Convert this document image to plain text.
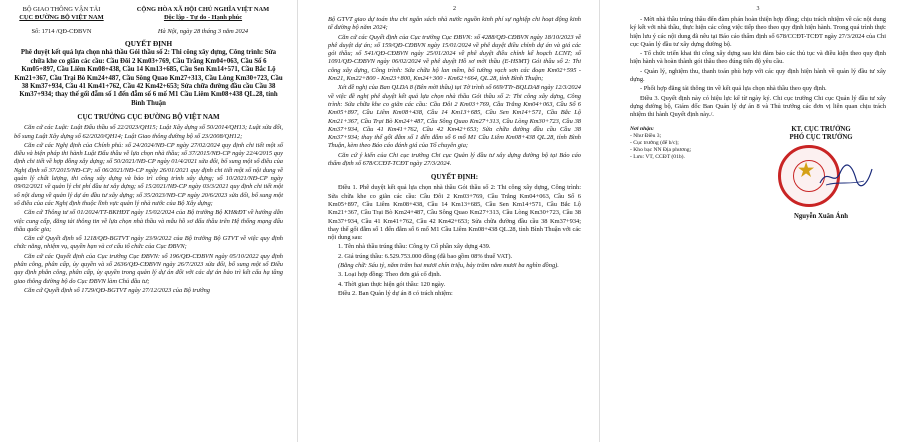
BỘ GIAO THÔNG VẬN TẢI
CỤC ĐƯỜNG BỘ VIỆT NAM
Số: 1714 /QĐ-CĐBVN
CỘNG HÒA XÃ HỘI CHỦ NGHĨA VIỆT NAM
Độc lập - Tự do - Hạnh phúc
Hà Nội, ngày 28 tháng 3 năm 2024
QUYẾT ĐỊNH
Phê duyệt kết quả lựa chọn nhà thầu Gói thầu số 2: Thi công xây dựng, Công trình: Sửa chữa khe co giãn các cầu: Cầu Đôi 2 Km03+769, Cầu Trắng Km04+063, Cầu Số 6 Km05+897, Cầu Liêm Km08+438, Cầu 14 Km13+685, Cầu Sen Km14+571, Cầu Bắc Lộ Km21+367, Cầu Trại Bò Km24+487, Cầu Sông Quao Km27+313, Cầu Lòng Km30+723, Cầu 38 Km37+934, Cầu 41 Km41+762, Cầu 42 Km42+653; Sửa chữa đường đầu cầu Cầu 38 Km37+934; thay thế gối đẫm số 1 đến đẫm số 6 mố M1 Cầu Liêm Km08+438 QL.28, tỉnh Bình Thuận
CỤC TRƯỞNG CỤC ĐƯỜNG BỘ VIỆT NAM

Căn cứ các Luật: Luật Đấu thầu số 22/2023/QH15; Luật Xây dựng số 50/2014/QH13; Luật sửa đổi, bổ sung Luật Xây dựng số 62/2020/QH14; Luật Giao thông đường bộ số 23/2008/QH12;

Căn cứ các Nghị định của Chính phủ: số 24/2024/NĐ-CP ngày 27/02/2024 quy định chi tiết một số điều và biện pháp thi hành Luật Đấu thầu về lựa chọn nhà thầu; số 37/2015/NĐ-CP ngày 22/4/2015 quy định chi tiết về hợp đồng xây dựng; số 50/2021/NĐ-CP ngày 01/4/2021 sửa đổi, bổ sung một số điều của Nghị định số 37/2015/NĐ-CP; số 06/2021/NĐ-CP ngày 26/01/2021 quy định chi tiết một số nội dung về quản lý chất lượng, thi công xây dựng và bảo trì công trình xây dựng; số 10/2021/NĐ-CP ngày 09/02/2021 về quản lý chi phí đầu tư xây dựng; số 15/2021/NĐ-CP ngày 03/3/2021 quy định chi tiết một số nội dung về quản lý dự án đầu tư xây dựng; số 35/2023/NĐ-CP ngày 20/6/2023 sửa đổi, bổ sung một số điều của các Nghị định thuộc lĩnh vực quản lý nhà nước của Bộ Xây dựng;

Căn cứ Thông tư số 01/2024/TT-BKHĐT ngày 15/02/2024 của Bộ trưởng Bộ KH&ĐT về hướng dẫn việc cung cấp, đăng tải thông tin về lựa chọn nhà thầu và mẫu hồ sơ đấu thầu trên Hệ thống mạng đấu thầu quốc gia;

Căn cứ Quyết định số 1218/QĐ-BGTVT ngày 23/9/2022 của Bộ trưởng Bộ GTVT về việc quy định chức năng, nhiệm vụ, quyền hạn và cơ cấu tổ chức của Cục ĐBVN;

Căn cứ các Quyết định của Cục trưởng Cục ĐBVN: số 196/QĐ-CĐBVN ngày 05/10/2022 quy định phân công, phân cấp, ủy quyền và số 2636/QĐ-CĐBVN ngày 26/7/2023 sửa đổi, bổ sung một số Điều quy định phân công, phân cấp, ủy quyền trong quản lý dự án đối với các dự án bảo trì kết cấu hạ tầng giao thông đường bộ do Cục ĐBVN làm Chủ đầu tư;

Căn cứ Quyết định số 1729/QĐ-BGTVT ngày 27/12/2023 của Bộ trưởng

2

Bộ GTVT giao dự toán thu chi ngân sách nhà nước nguồn kinh phí sự nghiệp chi hoạt động kinh tế đường bộ năm 2024;

Căn cứ các Quyết định của Cục trưởng Cục ĐBVN: số 4288/QĐ-CĐBVN ngày 18/10/2023 về phê duyệt dự án; số 159/QĐ-CĐBVN ngày 15/01/2024 về phê duyệt điều chỉnh dự án và giá các gói thầu; số 541/QĐ-CĐBVN ngày 25/01/2024 về phê duyệt điều chỉnh kế hoạch LCNT; số 1091/QĐ-CĐBVN ngày 06/02/2024 về phê duyệt Hồ sơ mời thầu (E-HSMT) Gói thầu số 2: Thi công xây dựng, Công trình: Sửa chữa hộ lan mềm, bổ tường vạch sơn các đoạn Km02+595 - Km21, Km22+800 - Km23+800, Km24+300 - Km62+664, QL.28, tỉnh Bình Thuận;

Xét đề nghị của Ban QLDA 8 (Bên mời thầu) tại Tờ trình số 669/TTr-BQLDA8 ngày 12/3/2024 về việc đề nghị phê duyệt kết quả lựa chọn nhà thầu Gói thầu số 2: Thi công xây dựng, Công trình: Sửa chữa khe co giãn các cầu: Cầu Đôi 2 Km03+769, Cầu Trắng Km04+063, Cầu Số 6 Km05+897, Cầu Liêm Km08+438, Cầu 14 Km13+685, Cầu Sen Km14+571, Cầu Bắc Lộ Km21+367, Cầu Trại Bò Km24+487, Cầu Sông Quao Km27+313, Cầu Lòng Km30+723, Cầu 38 Km37+934, Cầu 41 Km41+762, Cầu 42 Km42+653; Sửa chữa đường đầu cầu Cầu 38 Km37+934; thay thế gối đẫm số 1 đến đẫm số 6 mố M1 Cầu Liêm Km08+438 QL.28, tỉnh Bình Thuận, kèm theo Báo cáo đánh giá của Tổ chuyên gia;

Căn cứ ý kiến của Chi cục trưởng Chi cục Quản lý đầu tư xây dựng đường bộ tại Báo cáo thẩm định số 678/CCĐT-TCĐT ngày 27/3/2024.

QUYẾT ĐỊNH:

Điều 1. Phê duyệt kết quả lựa chọn nhà thầu Gói thầu số 2: Thi công xây dựng, Công trình: Sửa chữa khe co giãn các cầu: Cầu Đôi 2 Km03+769, Cầu Trắng Km04+063, Cầu Số 6 Km05+897, Cầu Liêm Km08+438, Cầu 14 Km13+685, Cầu Sen Km14+571, Cầu Bắc Lộ Km21+367, Cầu Trại Bò Km24+487, Cầu Sông Quao Km27+313, Cầu Lòng Km30+723, Cầu 38 Km37+934, Cầu 41 Km41+762, Cầu 42 Km42+653; Sửa chữa đường đầu cầu 38 Km37+934; thay thế gối đẫm số 1 đến đẫm số 6 mố M1 Cầu Liêm Km08+438 QL.28, tỉnh Bình Thuận với các nội dung sau:

1. Tên nhà thầu trúng thầu: Công ty Cổ phần xây dựng 439.

2. Giá trúng thầu: 6.529.753.000 đồng (đã bao gồm 08% thuế VAT).

(Bằng chữ: Sáu tỷ, năm trăm hai mươi chín triệu, bảy trăm năm mươi ba nghìn đồng).

3. Loại hợp đồng: Theo đơn giá cố định.

4. Thời gian thực hiện gói thầu: 120 ngày.

Điều 2. Ban Quản lý dự án 8 có trách nhiệm:

3

- Mời nhà thầu trúng thầu đến đàm phán hoàn thiện hợp đồng; chịu trách nhiệm về các nội dung ký kết với nhà thầu, thực hiện các công việc tiếp theo theo quy định hiện hành. Trong quá trình thực hiện lưu ý các nội dung đã nêu tại Báo cáo thẩm định số 678/CCĐT-TCĐT ngày 27/3/2024 của Chi cục Quản lý đầu tư xây dựng đường bộ.

- Tổ chức triển khai thi công xây dựng sau khi đảm bảo các thủ tục và điều kiện theo quy định hiện hành và hoàn thành gói thầu theo đúng tiến độ yêu cầu.

- Quản lý, nghiệm thu, thanh toán phù hợp với các quy định hiện hành về quản lý đầu tư xây dựng.

- Phối hợp đăng tải thông tin về kết quả lựa chọn nhà thầu theo quy định.

Điều 3. Quyết định này có hiệu lực kể từ ngày ký. Chi cục trưởng Chi cục Quản lý đầu tư xây dựng đường bộ, Giám đốc Ban Quản lý dự án 8 và Thủ trưởng các đơn vị liên quan chịu trách nhiệm thi hành Quyết định này./.

Nơi nhận:
- Như Điều 3;
- Cục trưởng (để b/c);
- Kho bạc NN Địa phương;
- Lưu: VT, CCĐT (01b).
KT. CỤC TRƯỞNG
PHÓ CỤC TRƯỞNG
★
Nguyễn Xuân Ánh
